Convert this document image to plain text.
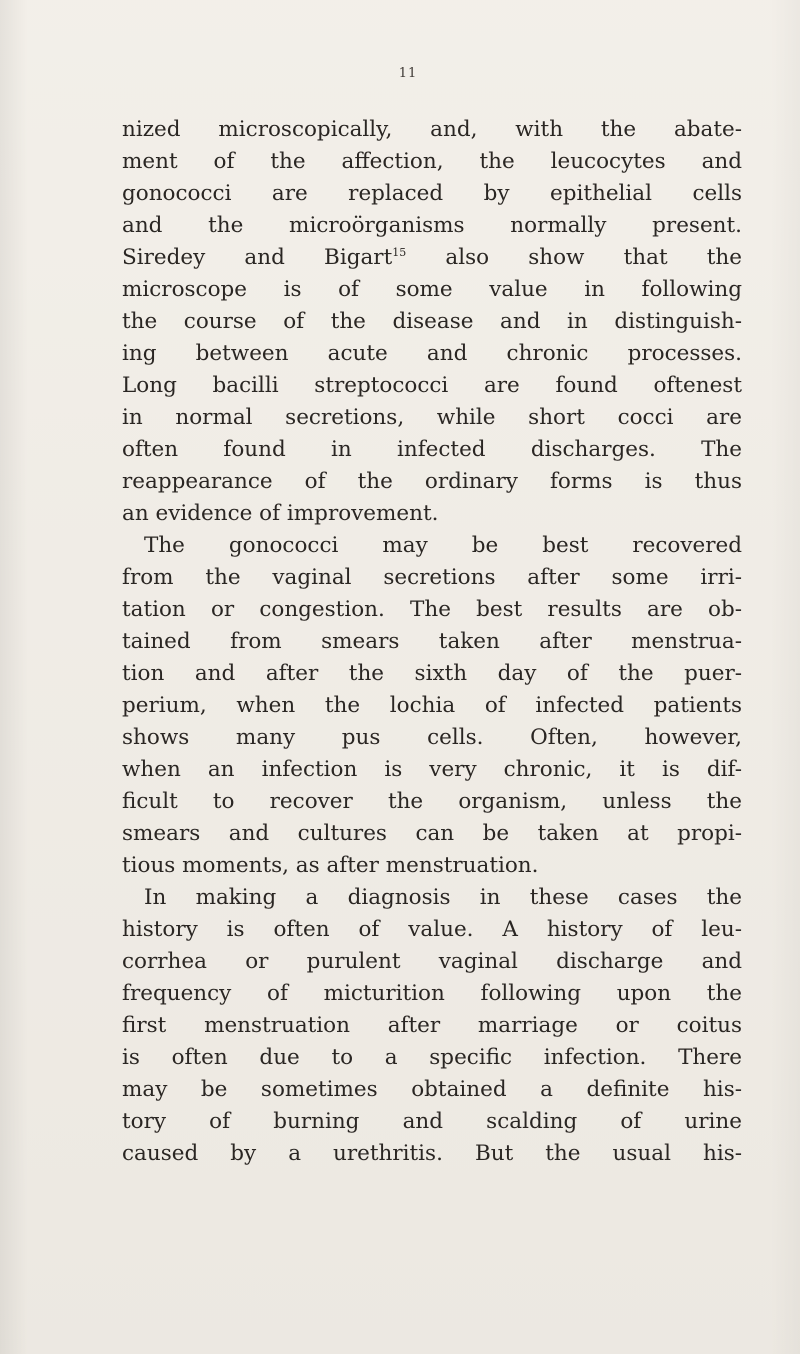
11
nized microscopically, and, with the abate-
ment of the affection, the leucocytes and
gonococci are replaced by epithelial cells
and the microörganisms normally present.
Siredey and Bigart$^{15}$ also show that the
microscope is of some value in following
the course of the disease and in distinguish-
ing between acute and chronic processes.
Long bacilli streptococci are found oftenest
in normal secretions, while short cocci are
often found in infected discharges. The
reappearance of the ordinary forms is thus
an evidence of improvement.
The gonococci may be best recovered
from the vaginal secretions after some irri-
tation or congestion. The best results are ob-
tained from smears taken after menstrua-
tion and after the sixth day of the puer-
perium, when the lochia of infected patients
shows many pus cells. Often, however,
when an infection is very chronic, it is dif-
ficult to recover the organism, unless the
smears and cultures can be taken at propi-
tious moments, as after menstruation.
In making a diagnosis in these cases the
history is often of value. A history of leu-
corrhea or purulent vaginal discharge and
frequency of micturition following upon the
first menstruation after marriage or coitus
is often due to a specific infection. There
may be sometimes obtained a definite his-
tory of burning and scalding of urine
caused by a urethritis. But the usual his-
